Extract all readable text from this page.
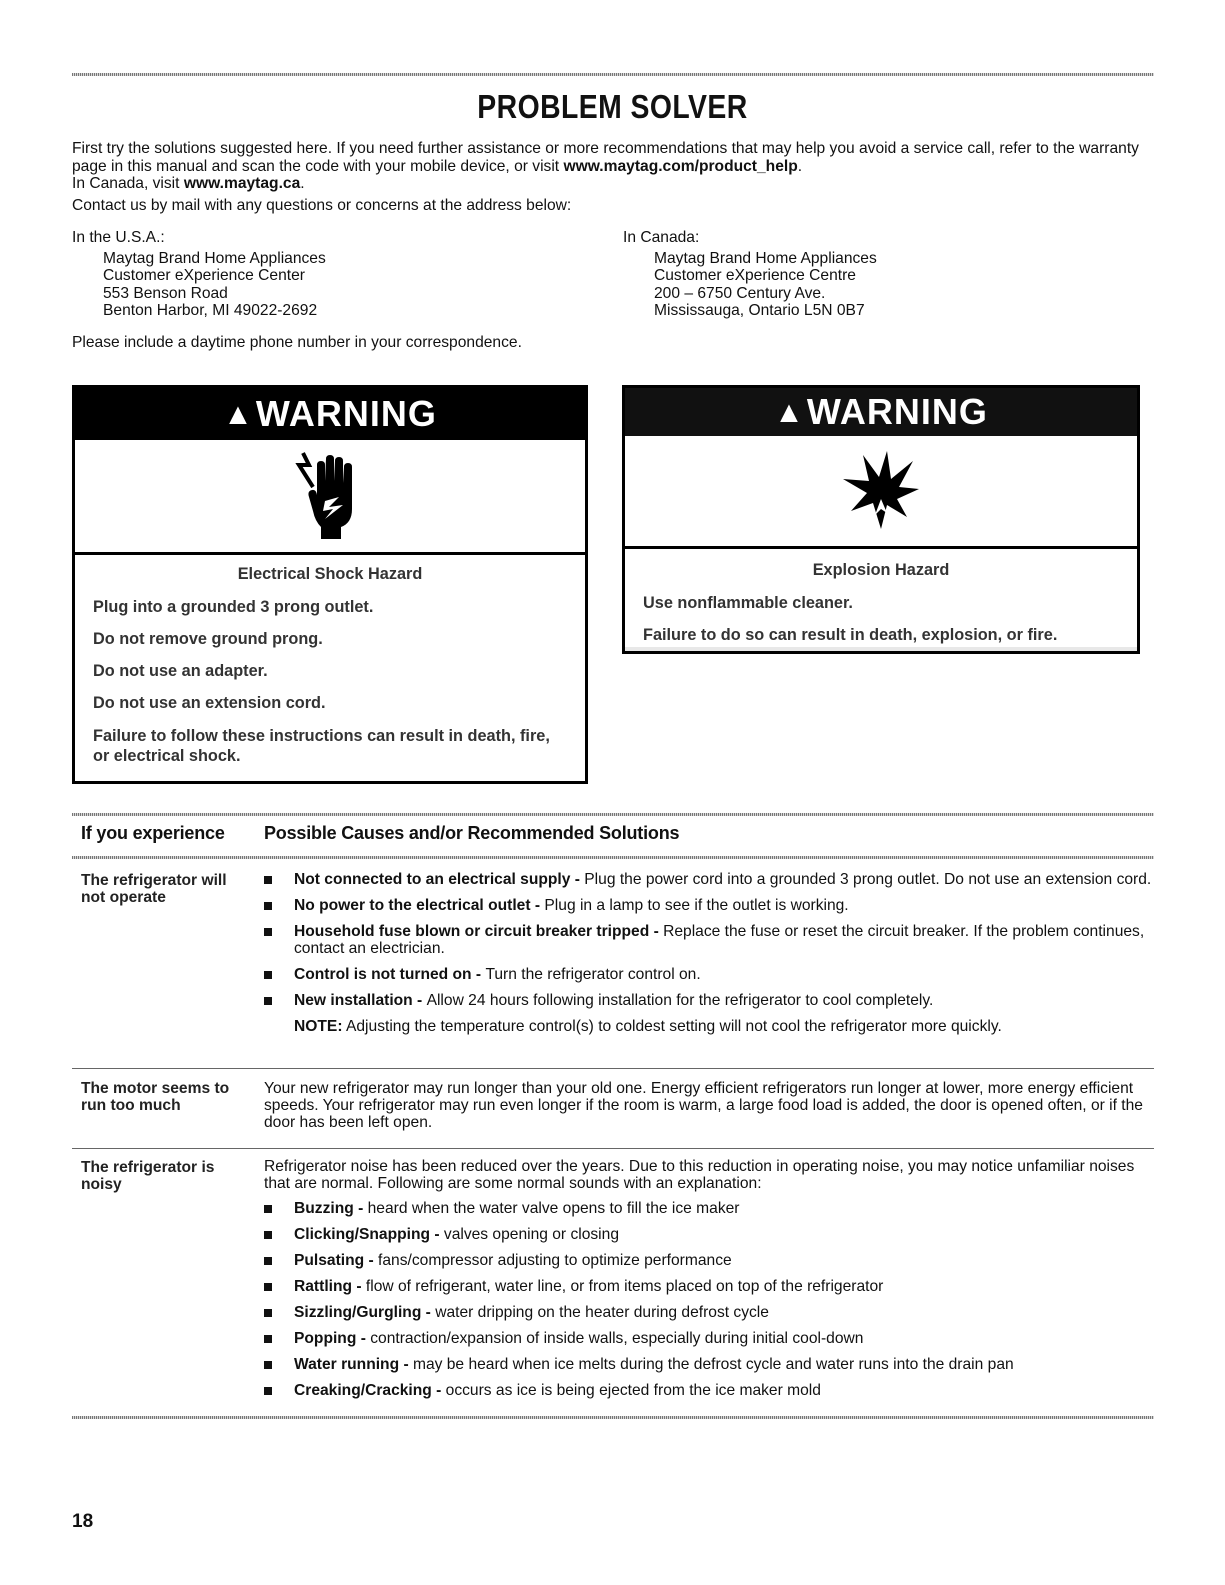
PROBLEM SOLVER

First try the solutions suggested here. If you need further assistance or more recommendations that may help you avoid a service call, refer to the warranty page in this manual and scan the code with your mobile device, or visit www.maytag.com/product_help.

In Canada, visit www.maytag.ca.

Contact us by mail with any questions or concerns at the address below:

In the U.S.A.:
Maytag Brand Home Appliances
Customer eXperience Center
553 Benson Road
Benton Harbor, MI 49022-2692
In Canada:
Maytag Brand Home Appliances
Customer eXperience Centre
200 – 6750 Century Ave.
Mississauga, Ontario L5N 0B7
Please include a daytime phone number in your correspondence.
▲WARNING
Electrical Shock Hazard
Plug into a grounded 3 prong outlet.
Do not remove ground prong.
Do not use an adapter.
Do not use an extension cord.
Failure to follow these instructions can result in death, fire, or electrical shock.
▲WARNING
Explosion Hazard
Use nonflammable cleaner.
Failure to do so can result in death, explosion, or fire.
If you experience Possible Causes and/or Recommended Solutions
The refrigerator will not operate
Not connected to an electrical supply - Plug the power cord into a grounded 3 prong outlet. Do not use an extension cord.
No power to the electrical outlet - Plug in a lamp to see if the outlet is working.
Household fuse blown or circuit breaker tripped - Replace the fuse or reset the circuit breaker. If the problem continues, contact an electrician.
Control is not turned on - Turn the refrigerator control on.
New installation - Allow 24 hours following installation for the refrigerator to cool completely.
NOTE: Adjusting the temperature control(s) to coldest setting will not cool the refrigerator more quickly.
The motor seems to run too much
Your new refrigerator may run longer than your old one. Energy efficient refrigerators run longer at lower, more energy efficient speeds. Your refrigerator may run even longer if the room is warm, a large food load is added, the door is opened often, or if the door has been left open.
The refrigerator is noisy

Refrigerator noise has been reduced over the years. Due to this reduction in operating noise, you may notice unfamiliar noises that are normal. Following are some normal sounds with an explanation:

Buzzing - heard when the water valve opens to fill the ice maker
Clicking/Snapping - valves opening or closing
Pulsating - fans/compressor adjusting to optimize performance
Rattling - flow of refrigerant, water line, or from items placed on top of the refrigerator
Sizzling/Gurgling - water dripping on the heater during defrost cycle
Popping - contraction/expansion of inside walls, especially during initial cool-down
Water running - may be heard when ice melts during the defrost cycle and water runs into the drain pan
Creaking/Cracking - occurs as ice is being ejected from the ice maker mold
18
